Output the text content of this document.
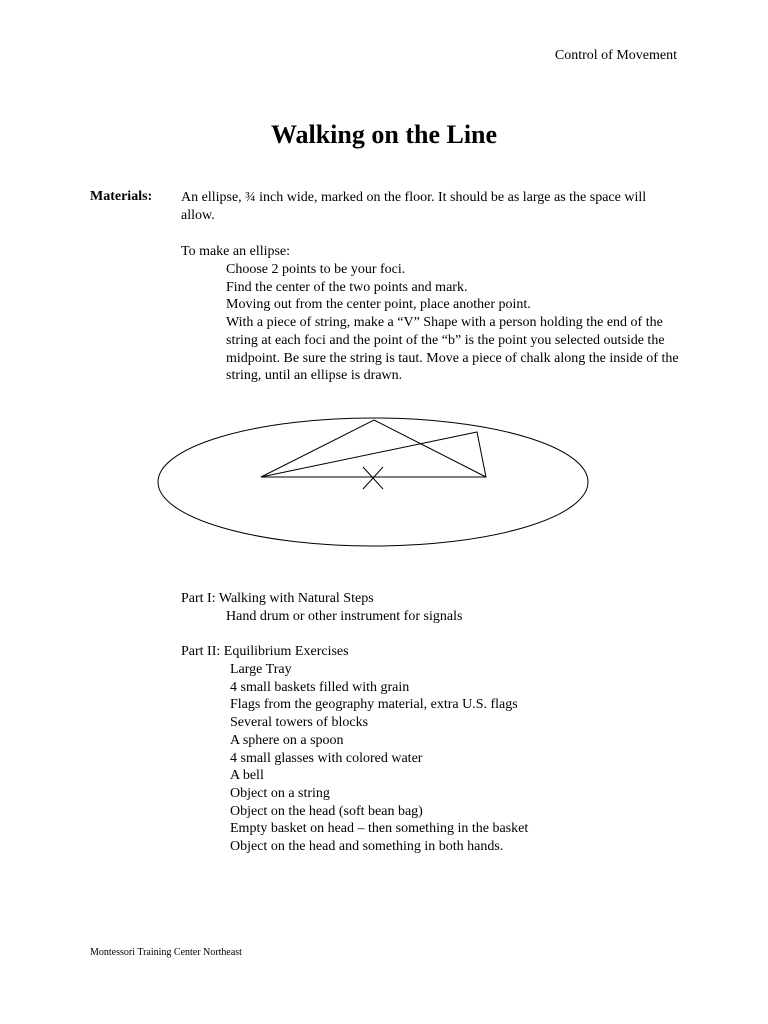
Control of Movement
Walking on the Line
Materials: An ellipse, ¾ inch wide, marked on the floor. It should be as large as the space will allow.
To make an ellipse:
Choose 2 points to be your foci.
Find the center of the two points and mark.
Moving out from the center point, place another point.
With a piece of string, make a “V” Shape with a person holding the end of the string at each foci and the point of the “b” is the point you selected outside the midpoint. Be sure the string is taut. Move a piece of chalk along the inside of the string, until an ellipse is drawn.
Part I: Walking with Natural Steps
Hand drum or other instrument for signals
Part II: Equilibrium Exercises
Large Tray
4 small baskets filled with grain
Flags from the geography material, extra U.S. flags
Several towers of blocks
A sphere on a spoon
4 small glasses with colored water
A bell
Object on a string
Object on the head (soft bean bag)
Empty basket on head – then something in the basket
Object on the head and something in both hands.
Montessori Training Center Northeast
